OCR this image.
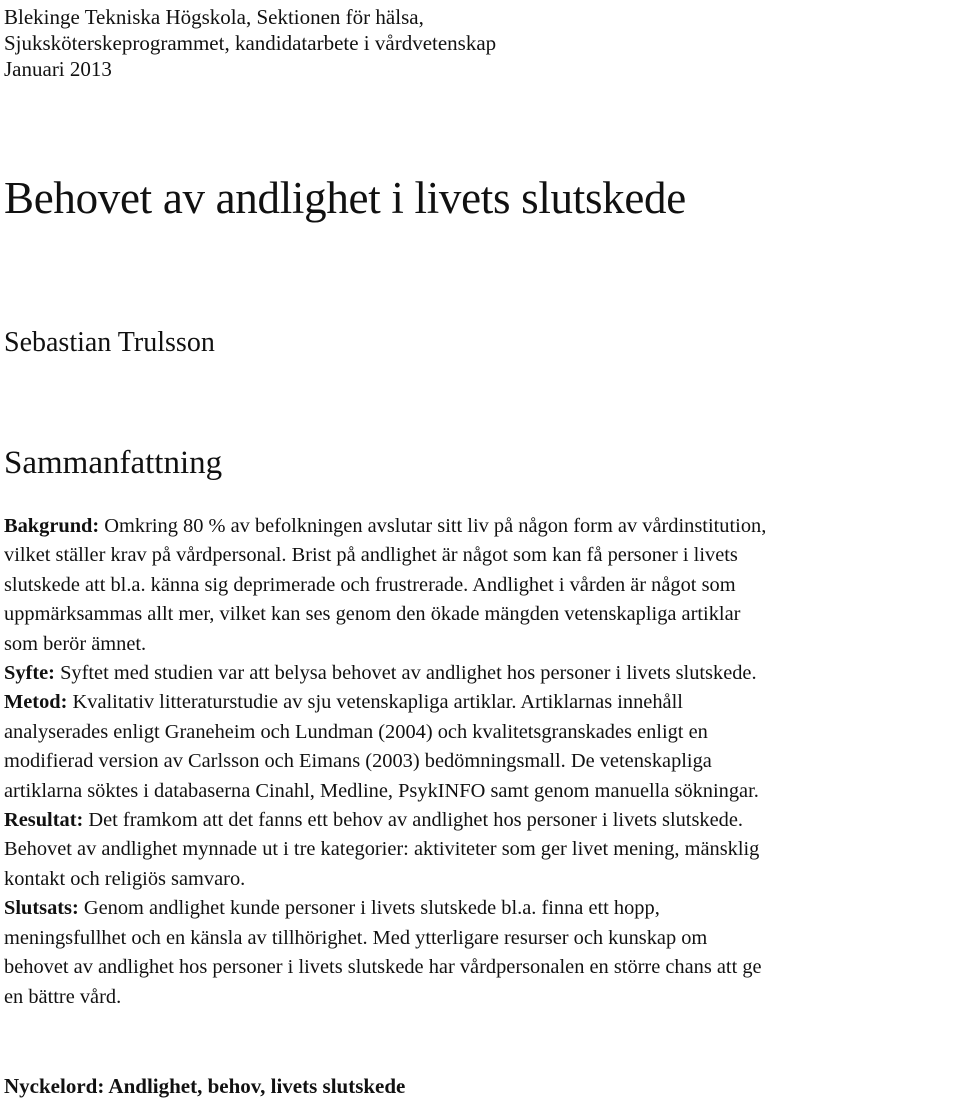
Blekinge Tekniska Högskola, Sektionen för hälsa,
Sjuksköterskeprogrammet, kandidatarbete i vårdvetenskap
Januari 2013
Behovet av andlighet i livets slutskede
Sebastian Trulsson
Sammanfattning
Bakgrund: Omkring 80 % av befolkningen avslutar sitt liv på någon form av vårdinstitution,
vilket ställer krav på vårdpersonal. Brist på andlighet är något som kan få personer i livets
slutskede att bl.a. känna sig deprimerade och frustrerade. Andlighet i vården är något som
uppmärksammas allt mer, vilket kan ses genom den ökade mängden vetenskapliga artiklar
som berör ämnet.
Syfte: Syftet med studien var att belysa behovet av andlighet hos personer i livets slutskede.
Metod: Kvalitativ litteraturstudie av sju vetenskapliga artiklar. Artiklarnas innehåll
analyserades enligt Graneheim och Lundman (2004) och kvalitetsgranskades enligt en
modifierad version av Carlsson och Eimans (2003) bedömningsmall. De vetenskapliga
artiklarna söktes i databaserna Cinahl, Medline, PsykINFO samt genom manuella sökningar.
Resultat: Det framkom att det fanns ett behov av andlighet hos personer i livets slutskede.
Behovet av andlighet mynnade ut i tre kategorier: aktiviteter som ger livet mening, mänsklig
kontakt och religiös samvaro.
Slutsats: Genom andlighet kunde personer i livets slutskede bl.a. finna ett hopp,
meningsfullhet och en känsla av tillhörighet. Med ytterligare resurser och kunskap om
behovet av andlighet hos personer i livets slutskede har vårdpersonalen en större chans att ge
en bättre vård.
Nyckelord: Andlighet, behov, livets slutskede
